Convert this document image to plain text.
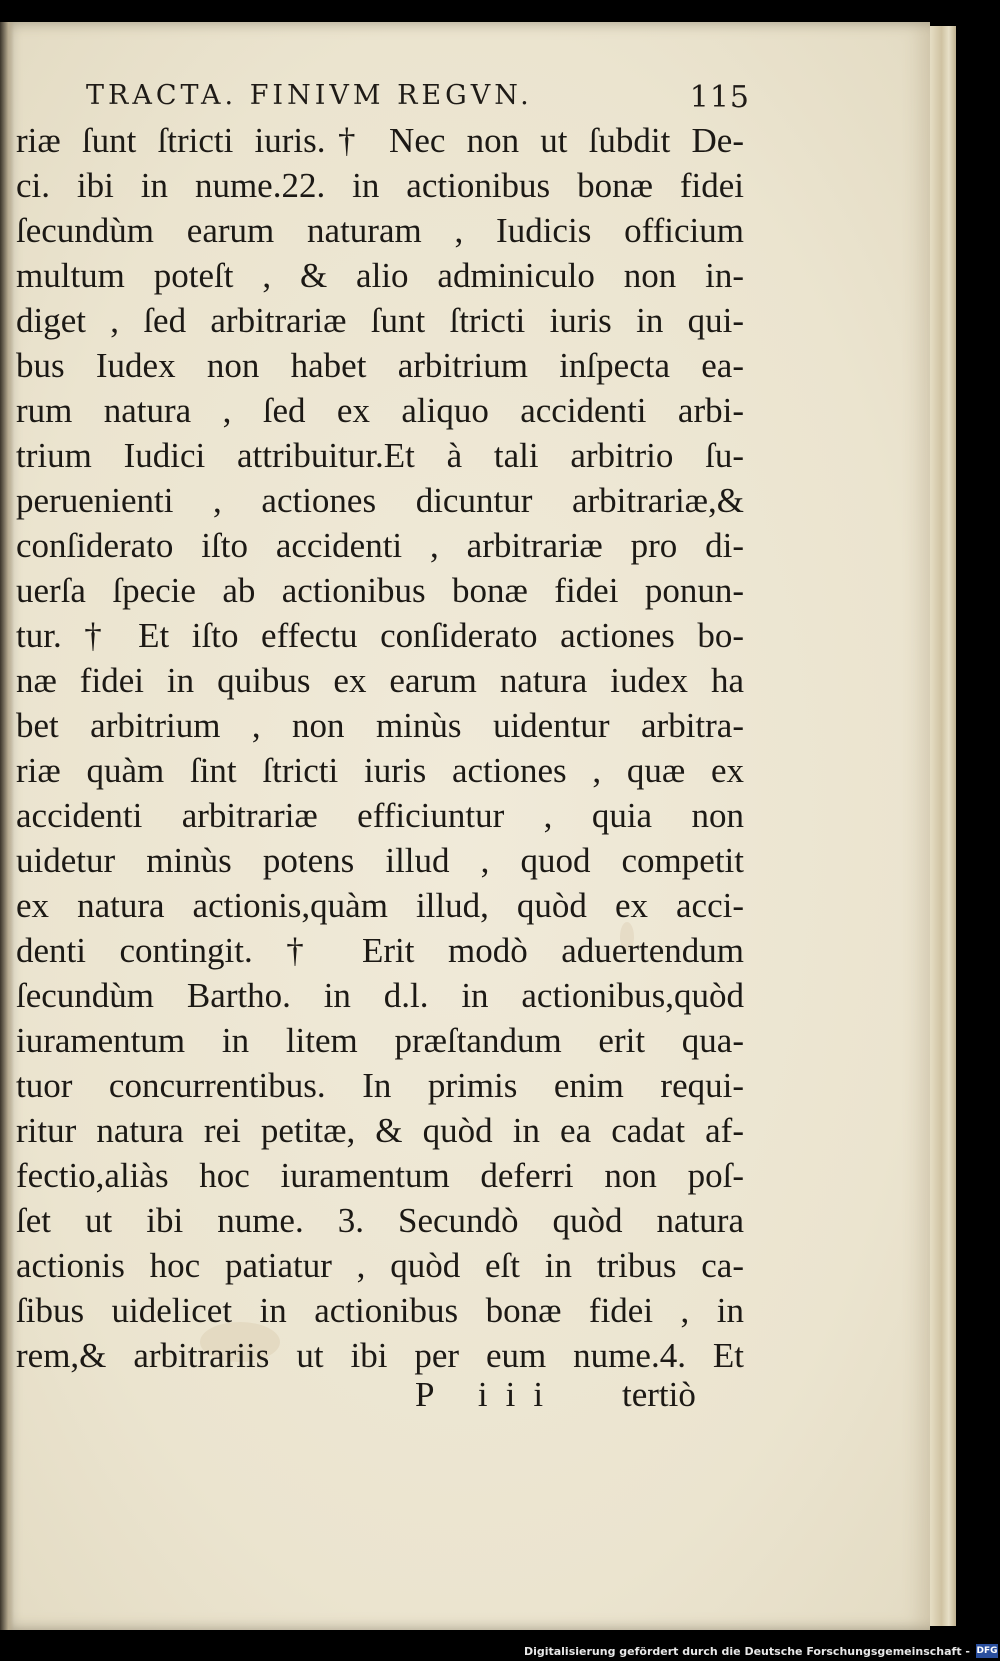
TRACTA. FINIVM REGVN.	115
riæ ſunt ſtricti iuris.† Nec non ut ſubdit De-
ci. ibi in nume.22. in actionibus bonæ fidei
ſecundùm earum naturam , Iudicis officium
multum poteſt , & alio adminiculo non in-
diget , ſed arbitrariæ ſunt ſtricti iuris in qui-
bus Iudex non habet arbitrium inſpecta ea-
rum natura , ſed ex aliquo accidenti arbi-
trium Iudici attribuitur.Et à tali arbitrio ſu-
peruenienti , actiones dicuntur arbitrariæ,&
conſiderato iſto accidenti , arbitrariæ pro di-
uerſa ſpecie ab actionibus bonæ fidei ponun-
tur. † Et iſto effectu conſiderato actiones bo-
næ fidei in quibus ex earum natura iudex ha
bet arbitrium , non minùs uidentur arbitra-
riæ quàm ſint ſtricti iuris actiones , quæ ex
accidenti arbitrariæ efficiuntur , quia non
uidetur minùs potens illud , quod competit
ex natura actionis,quàm illud, quòd ex acci-
denti contingit. † Erit modò aduertendum
ſecundùm Bartho. in d.l. in actionibus,quòd
iuramentum in litem præſtandum erit qua-
tuor concurrentibus. In primis enim requi-
ritur natura rei petitæ, & quòd in ea cadat af-
fectio,aliàs hoc iuramentum deferri non poſ-
ſet ut ibi nume. 3. Secundò quòd natura
actionis hoc patiatur , quòd eſt in tribus ca-
ſibus uidelicet in actionibus bonæ fidei , in
rem,& arbitrariis ut ibi per eum nume.4. Et
P iii tertiò
Digitalisierung gefördert durch die Deutsche Forschungsgemeinschaft - DFG
